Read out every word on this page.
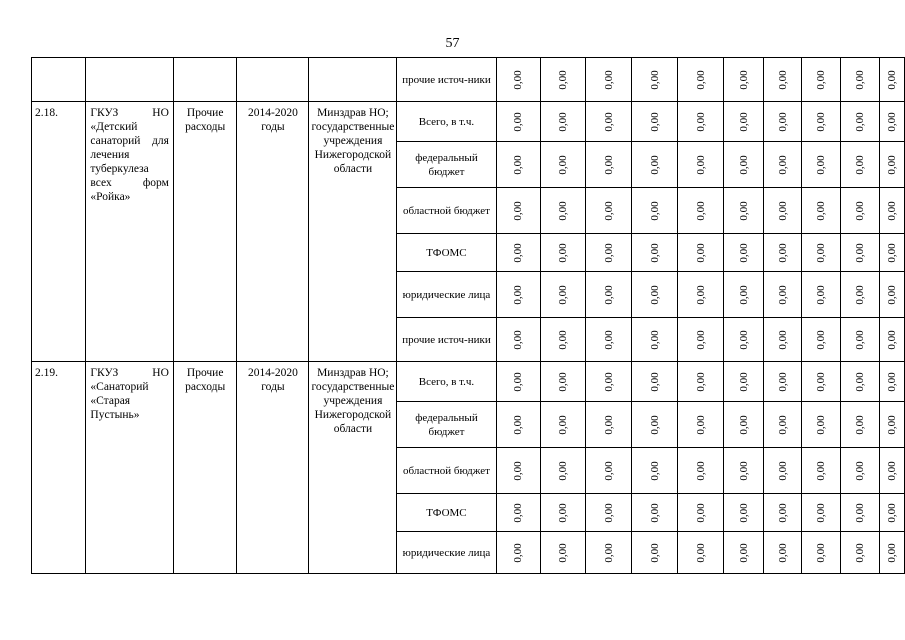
57
					прочие источ-ники	0,00	0,00	0,00	0,00	0,00	0,00	0,00	0,00	0,00	0,00

2.18.	ГКУЗ НО «Детский санаторий для лечения туберкулеза всех форм «Ройка»	Прочие расходы	2014-2020 годы	Минздрав НО; государственные учреждения Нижегородской области	Всего, в т.ч.	0,00	0,00	0,00	0,00	0,00	0,00	0,00	0,00	0,00	0,00

					федеральный бюджет	0,00	0,00	0,00	0,00	0,00	0,00	0,00	0,00	0,00	0,00

					областной бюджет	0,00	0,00	0,00	0,00	0,00	0,00	0,00	0,00	0,00	0,00

					ТФОМС	0,00	0,00	0,00	0,00	0,00	0,00	0,00	0,00	0,00	0,00

					юридические лица	0,00	0,00	0,00	0,00	0,00	0,00	0,00	0,00	0,00	0,00

					прочие источ-ники	0,00	0,00	0,00	0,00	0,00	0,00	0,00	0,00	0,00	0,00

2.19.	ГКУЗ НО «Санаторий «Старая Пустынь»	Прочие расходы	2014-2020 годы	Минздрав НО; государственные учреждения Нижегородской области	Всего, в т.ч.	0,00	0,00	0,00	0,00	0,00	0,00	0,00	0,00	0,00	0,00

					федеральный бюджет	0,00	0,00	0,00	0,00	0,00	0,00	0,00	0,00	0,00	0,00

					областной бюджет	0,00	0,00	0,00	0,00	0,00	0,00	0,00	0,00	0,00	0,00

					ТФОМС	0,00	0,00	0,00	0,00	0,00	0,00	0,00	0,00	0,00	0,00

					юридические лица	0,00	0,00	0,00	0,00	0,00	0,00	0,00	0,00	0,00	0,00
